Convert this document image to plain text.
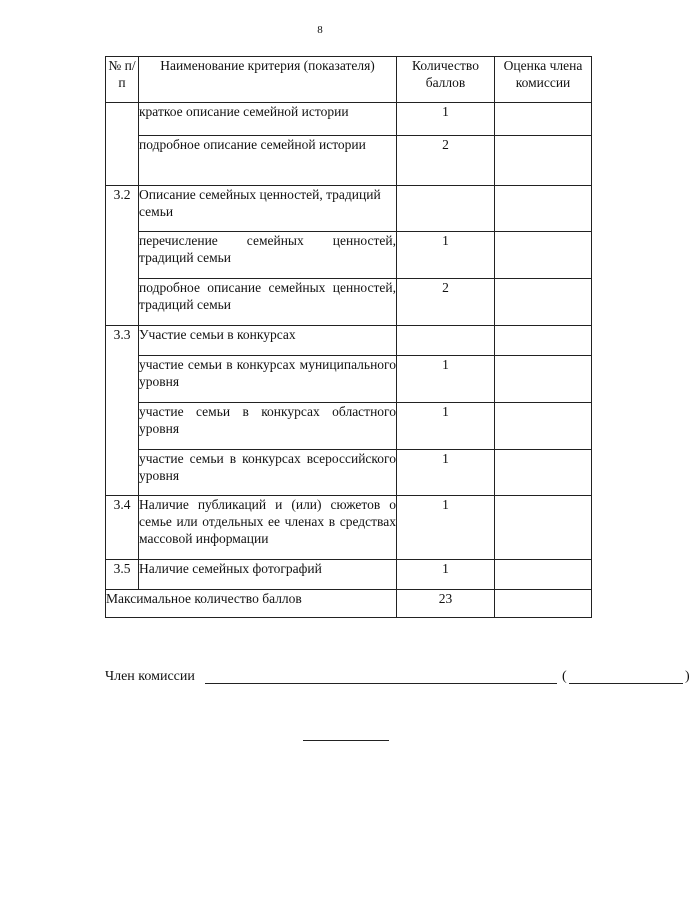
8
№ п/п	Наименование критерия (показателя)	Количество баллов	Оценка члена комиссии
	краткое описание семейной истории	1	
	подробное описание семейной истории	2	
3.2	Описание семейных ценностей, традиций семьи		
	перечисление семейных ценностей, традиций семьи	1	
	подробное описание семейных ценностей, традиций семьи	2	
3.3	Участие семьи в конкурсах		
	участие семьи в конкурсах муниципального уровня	1	
	участие семьи в конкурсах областного уровня	1	
	участие семьи в конкурсах всероссийского уровня	1	
3.4	Наличие публикаций и (или) сюжетов о семье или отдельных ее членах в средствах массовой информации	1	
3.5	Наличие семейных фотографий	1	
Максимальное количество баллов		23	
Член комиссии	(	)
